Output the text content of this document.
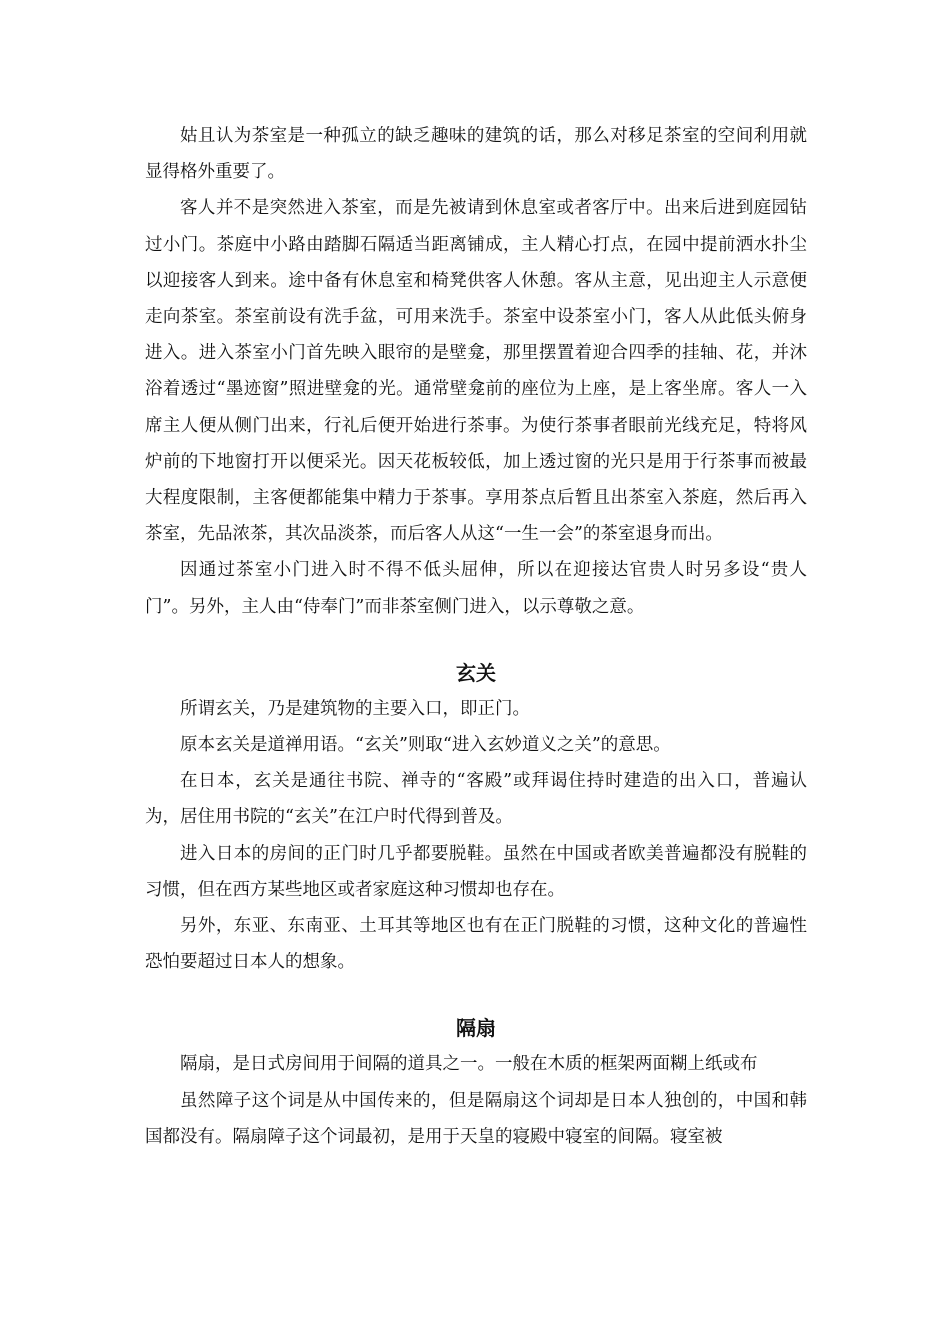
姑且认为茶室是一种孤立的缺乏趣味的建筑的话，那么对移足茶室的空间利用就显得格外重要了。

客人并不是突然进入茶室，而是先被请到休息室或者客厅中。出来后进到庭园钻过小门。茶庭中小路由踏脚石隔适当距离铺成，主人精心打点，在园中提前洒水扑尘以迎接客人到来。途中备有休息室和椅凳供客人休憩。客从主意，见出迎主人示意便走向茶室。茶室前设有洗手盆，可用来洗手。茶室中设茶室小门，客人从此低头俯身进入。进入茶室小门首先映入眼帘的是壁龛，那里摆置着迎合四季的挂轴、花，并沐浴着透过“墨迹窗”照进壁龛的光。通常壁龛前的座位为上座，是上客坐席。客人一入席主人便从侧门出来，行礼后便开始进行茶事。为使行茶事者眼前光线充足，特将风炉前的下地窗打开以便采光。因天花板较低，加上透过窗的光只是用于行茶事而被最大程度限制，主客便都能集中精力于茶事。享用茶点后暂且出茶室入茶庭，然后再入茶室，先品浓茶，其次品淡茶，而后客人从这“一生一会”的茶室退身而出。

因通过茶室小门进入时不得不低头屈伸，所以在迎接达官贵人时另多设“贵人门”。另外，主人由“侍奉门”而非茶室侧门进入，以示尊敬之意。

玄关

所谓玄关，乃是建筑物的主要入口，即正门。

原本玄关是道禅用语。“玄关”则取“进入玄妙道义之关”的意思。

在日本，玄关是通往书院、禅寺的“客殿”或拜谒住持时建造的出入口，普遍认为，居住用书院的“玄关”在江户时代得到普及。

进入日本的房间的正门时几乎都要脱鞋。虽然在中国或者欧美普遍都没有脱鞋的习惯，但在西方某些地区或者家庭这种习惯却也存在。

另外，东亚、东南亚、土耳其等地区也有在正门脱鞋的习惯，这种文化的普遍性恐怕要超过日本人的想象。

隔扇

隔扇，是日式房间用于间隔的道具之一。一般在木质的框架两面糊上纸或布

虽然障子这个词是从中国传来的，但是隔扇这个词却是日本人独创的，中国和韩国都没有。隔扇障子这个词最初，是用于天皇的寝殿中寝室的间隔。寝室被
